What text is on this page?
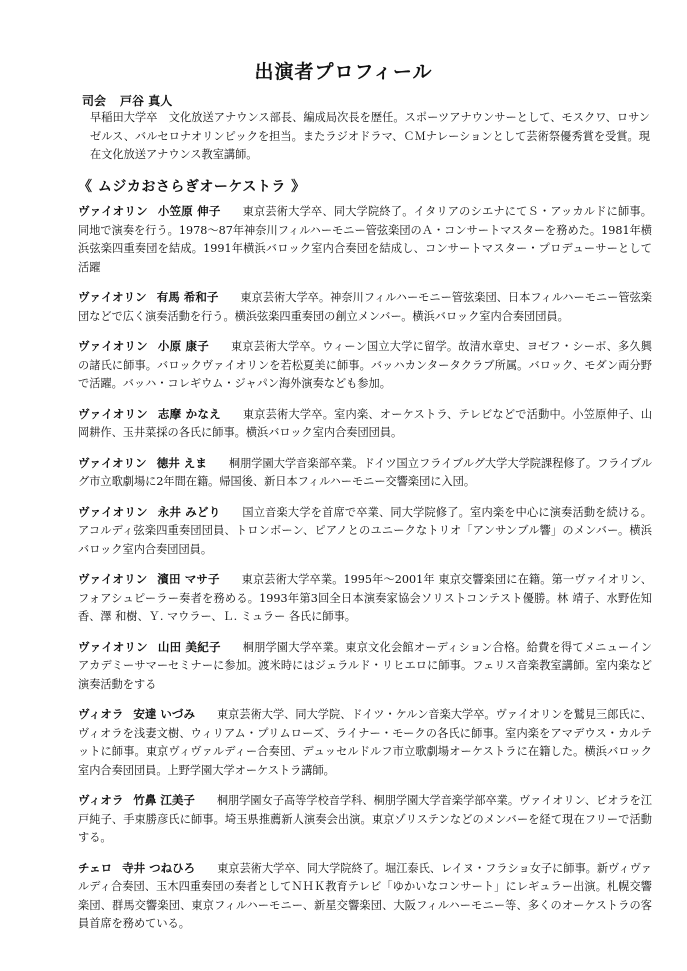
出演者プロフィール
司会 戸谷 真人
早稲田大学卒　文化放送アナウンス部長、編成局次長を歴任。スポーツアナウンサーとして、モスクワ、ロサンゼルス、バルセロナオリンピックを担当。またラジオドラマ、ＣＭナレーションとして芸術祭優秀賞を受賞。現在文化放送アナウンス教室講師。
《 ムジカおさらぎオーケストラ 》
ヴァイオリン 小笠原 伸子 東京芸術大学卒、同大学院終了。イタリアのシエナにてＳ・アッカルドに師事。同地で演奏を行う。1978～87年神奈川フィルハーモニー管弦楽団のＡ・コンサートマスターを務めた。1981年横浜弦楽四重奏団を結成。1991年横浜バロック室内合奏団を結成し、コンサートマスター・プロデューサーとして活躍
ヴァイオリン 有馬 希和子 東京芸術大学卒。神奈川フィルハーモニー管弦楽団、日本フィルハーモニー管弦楽団などで広く演奏活動を行う。横浜弦楽四重奏団の創立メンバー。横浜バロック室内合奏団団員。
ヴァイオリン 小原 康子 東京芸術大学卒。ウィーン国立大学に留学。故清水章史、ヨゼフ・シーボ、多久興の諸氏に師事。バロックヴァイオリンを若松夏美に師事。バッハカンタータクラブ所属。バロック、モダン両分野で活躍。バッハ・コレギウム・ジャパン海外演奏なども参加。
ヴァイオリン 志摩 かなえ 東京芸術大学卒。室内楽、オーケストラ、テレビなどで活動中。小笠原伸子、山岡耕作、玉井菜採の各氏に師事。横浜バロック室内合奏団団員。
ヴァイオリン 徳井 えま 桐朋学園大学音楽部卒業。ドイツ国立フライブルグ大学大学院課程修了。フライブルグ市立歌劇場に2年間在籍。帰国後、新日本フィルハーモニー交響楽団に入団。
ヴァイオリン 永井 みどり 国立音楽大学を首席で卒業、同大学院修了。室内楽を中心に演奏活動を続ける。アコルディ弦楽四重奏団団員、トロンボーン、ピアノとのユニークなトリオ「アンサンブル響」のメンバー。横浜バロック室内合奏団団員。
ヴァイオリン 濱田 マサ子 東京芸術大学卒業。1995年～2001年 東京交響楽団に在籍。第一ヴァイオリン、フォアシュピーラー奏者を務める。1993年第3回全日本演奏家協会ソリストコンテスト優勝。林 靖子、水野佐知香、澤 和樹、Ｙ. マウラー、Ｌ. ミュラー 各氏に師事。
ヴァイオリン 山田 美紀子 桐朋学園大学卒業。東京文化会館オーディション合格。給費を得てメニューインアカデミーサマーセミナーに参加。渡米時にはジェラルド・リヒエロに師事。フェリス音楽教室講師。室内楽など演奏活動をする
ヴィオラ 安達 いづみ 東京芸術大学、同大学院、ドイツ・ケルン音楽大学卒。ヴァイオリンを鷲見三郎氏に、ヴィオラを浅妻文樹、ウィリアム・プリムローズ、ライナー・モークの各氏に師事。室内楽をアマデウス・カルテットに師事。東京ヴィヴァルディー合奏団、デュッセルドルフ市立歌劇場オーケストラに在籍した。横浜バロック室内合奏団団員。上野学園大学オーケストラ講師。
ヴィオラ 竹鼻 江美子 桐朋学園女子高等学校音学科、桐朋学園大学音楽学部卒業。ヴァイオリン、ビオラを江戸純子、手束勝彦氏に師事。埼玉県推薦新人演奏会出演。東京ゾリステンなどのメンバーを経て現在フリーで活動する。
チェロ 寺井 つねひろ 東京芸術大学卒、同大学院終了。堀江泰氏、レイヌ・フラショ女子に師事。新ヴィヴァルディ合奏団、玉木四重奏団の奏者としてＮＨＫ教育テレビ「ゆかいなコンサート」にレギュラー出演。札幌交響楽団、群馬交響楽団、東京フィルハーモニー、新星交響楽団、大阪フィルハーモニー等、多くのオーケストラの客員首席を務めている。
